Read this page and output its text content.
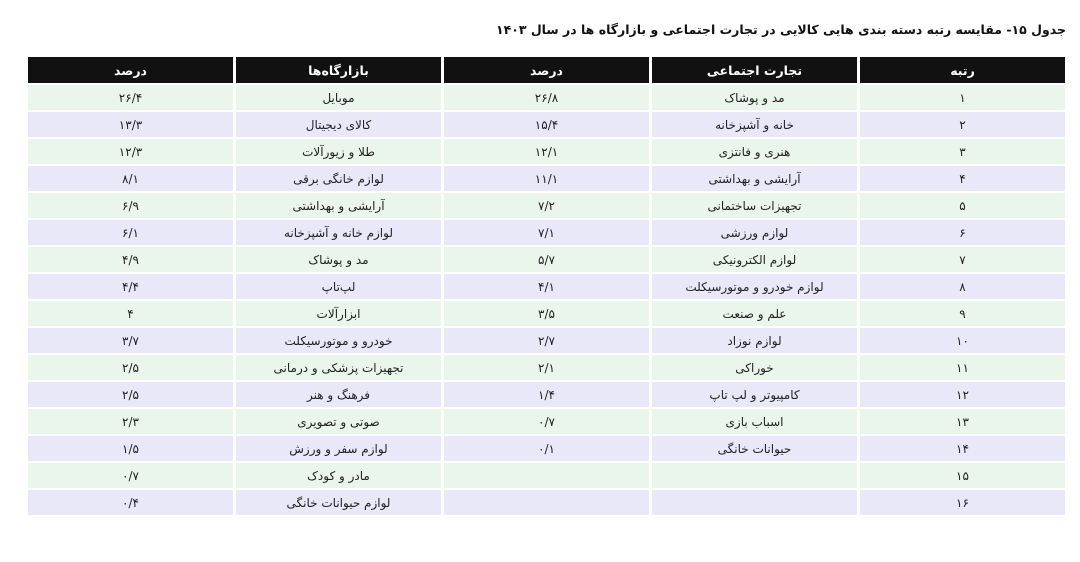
جدول ۱۵- مقایسه رتبه دسته بندی هایی کالایی در تجارت اجتماعی و بازارگاه ها در سال ۱۴۰۳
رتبه	تجارت اجتماعی	درصد	بازارگاه‌ها	درصد
۱	مد و پوشاک	۲۶/۸	موبایل	۲۶/۴
۲	خانه و آشپزخانه	۱۵/۴	کالای دیجیتال	۱۳/۳
۳	هنری و فانتزی	۱۲/۱	طلا و زیورآلات	۱۲/۳
۴	آرایشی و بهداشتی	۱۱/۱	لوازم خانگی برقی	۸/۱
۵	تجهیزات ساختمانی	۷/۲	آرایشی و بهداشتی	۶/۹
۶	لوازم ورزشی	۷/۱	لوازم خانه و آشپزخانه	۶/۱
۷	لوازم الکترونیکی	۵/۷	مد و پوشاک	۴/۹
۸	لوازم خودرو و موتورسیکلت	۴/۱	لپ‌تاپ	۴/۴
۹	علم و صنعت	۳/۵	ابزارآلات	۴
۱۰	لوازم نوزاد	۲/۷	خودرو و موتورسیکلت	۳/۷
۱۱	خوراکی	۲/۱	تجهیزات پزشکی و درمانی	۲/۵
۱۲	کامپیوتر و لپ تاپ	۱/۴	فرهنگ و هنر	۲/۵
۱۳	اسباب بازی	۰/۷	صوتی و تصویری	۲/۳
۱۴	حیوانات خانگی	۰/۱	لوازم سفر و ورزش	۱/۵
۱۵			مادر و کودک	۰/۷
۱۶			لوازم حیوانات خانگی	۰/۴
